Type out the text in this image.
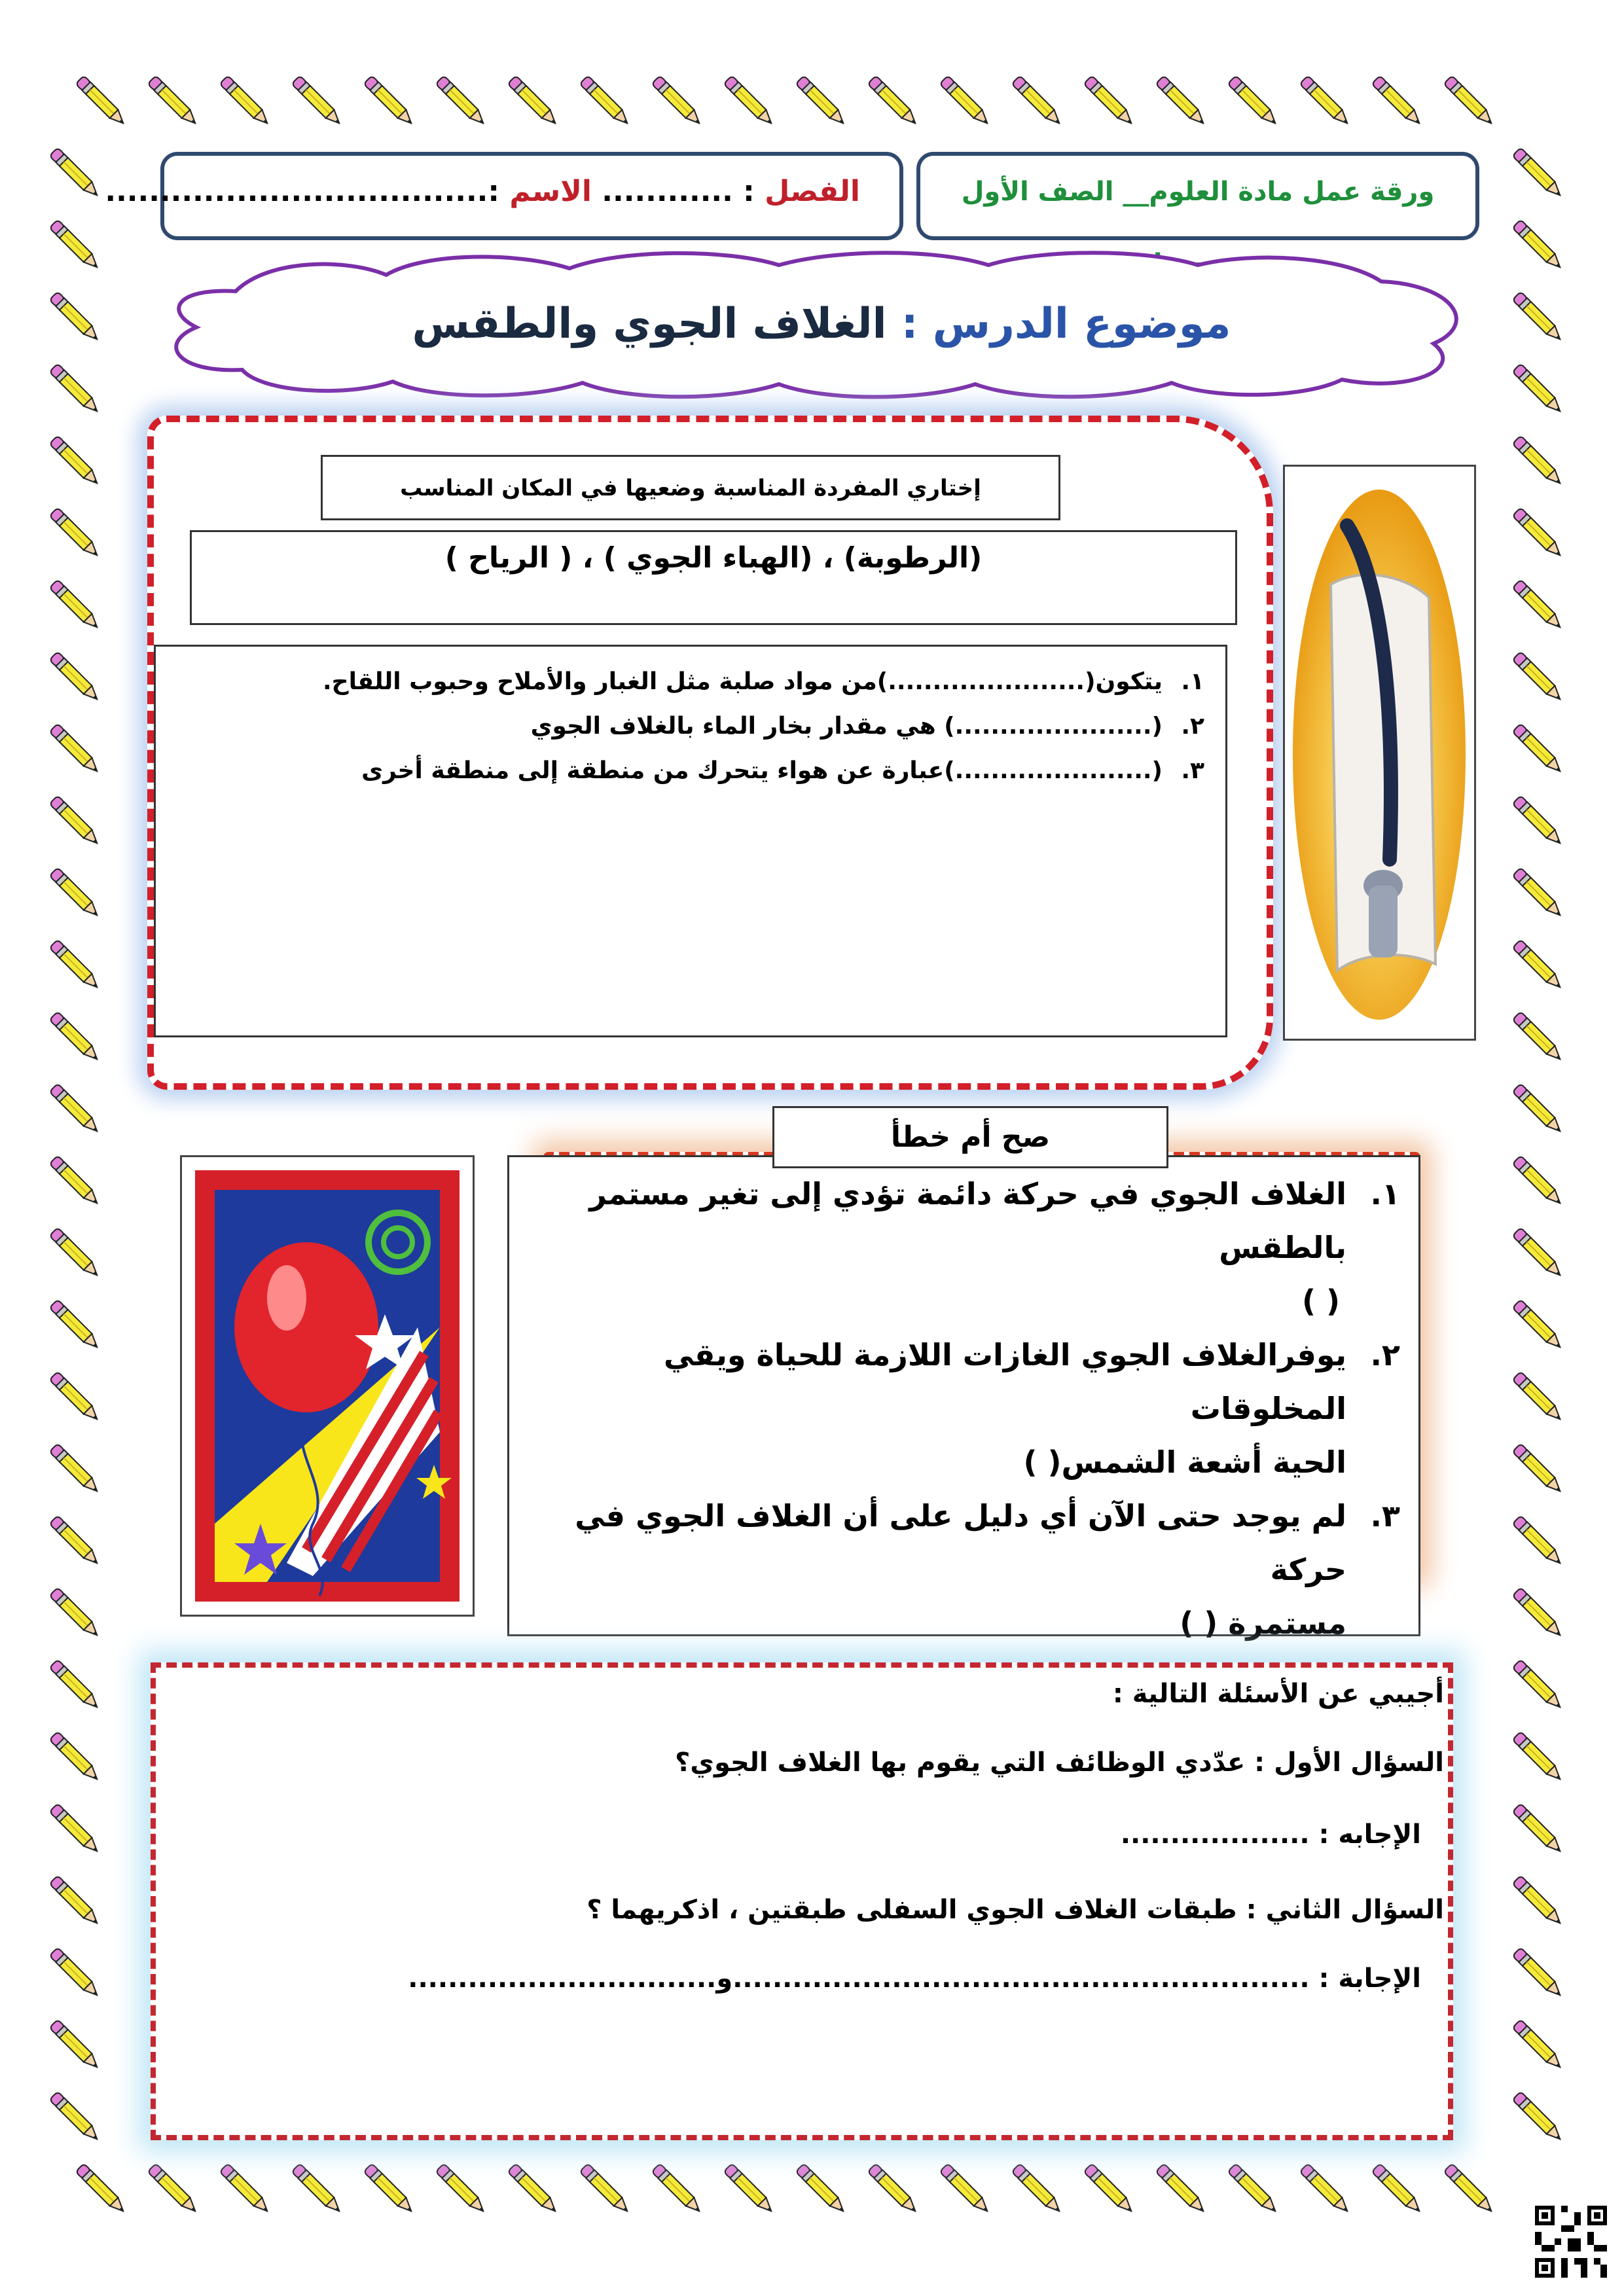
ورقة عمل مادة العلوم__ الصف الأول
الفصل : ............ الاسم :...................................
موضوع الدرس : الغلاف الجوي والطقس
إختاري المفردة المناسبة وضعيها في المكان المناسب
(الرطوبة) ، (الهباء الجوي ) ، ( الرياح )
١.
يتكون(......................)من مواد صلبة مثل الغبار والأملاح وحبوب اللقاح.
٢.
(......................) هي مقدار بخار الماء بالغلاف الجوي
٣.
(......................)عبارة عن هواء يتحرك من منطقة إلى منطقة أخرى
١.
الغلاف الجوي في حركة دائمة تؤدي إلى تغير مستمر بالطقس
( )
٢.
يوفرالغلاف الجوي الغازات اللازمة للحياة ويقي المخلوقات
الحية أشعة الشمس( )
٣.
لم يوجد حتى الآن أي دليل على أن الغلاف الجوي في حركة
مستمرة ( )
صح أم خطأ
أجيبي عن الأسئلة التالية :
السؤال الأول : عدّدي الوظائف التي يقوم بها الغلاف الجوي؟
الإجابه : ...................
السؤال الثاني : طبقات الغلاف الجوي السفلى طبقتين ، اذكريهما ؟
الإجابة : ..........................................................و...............................
